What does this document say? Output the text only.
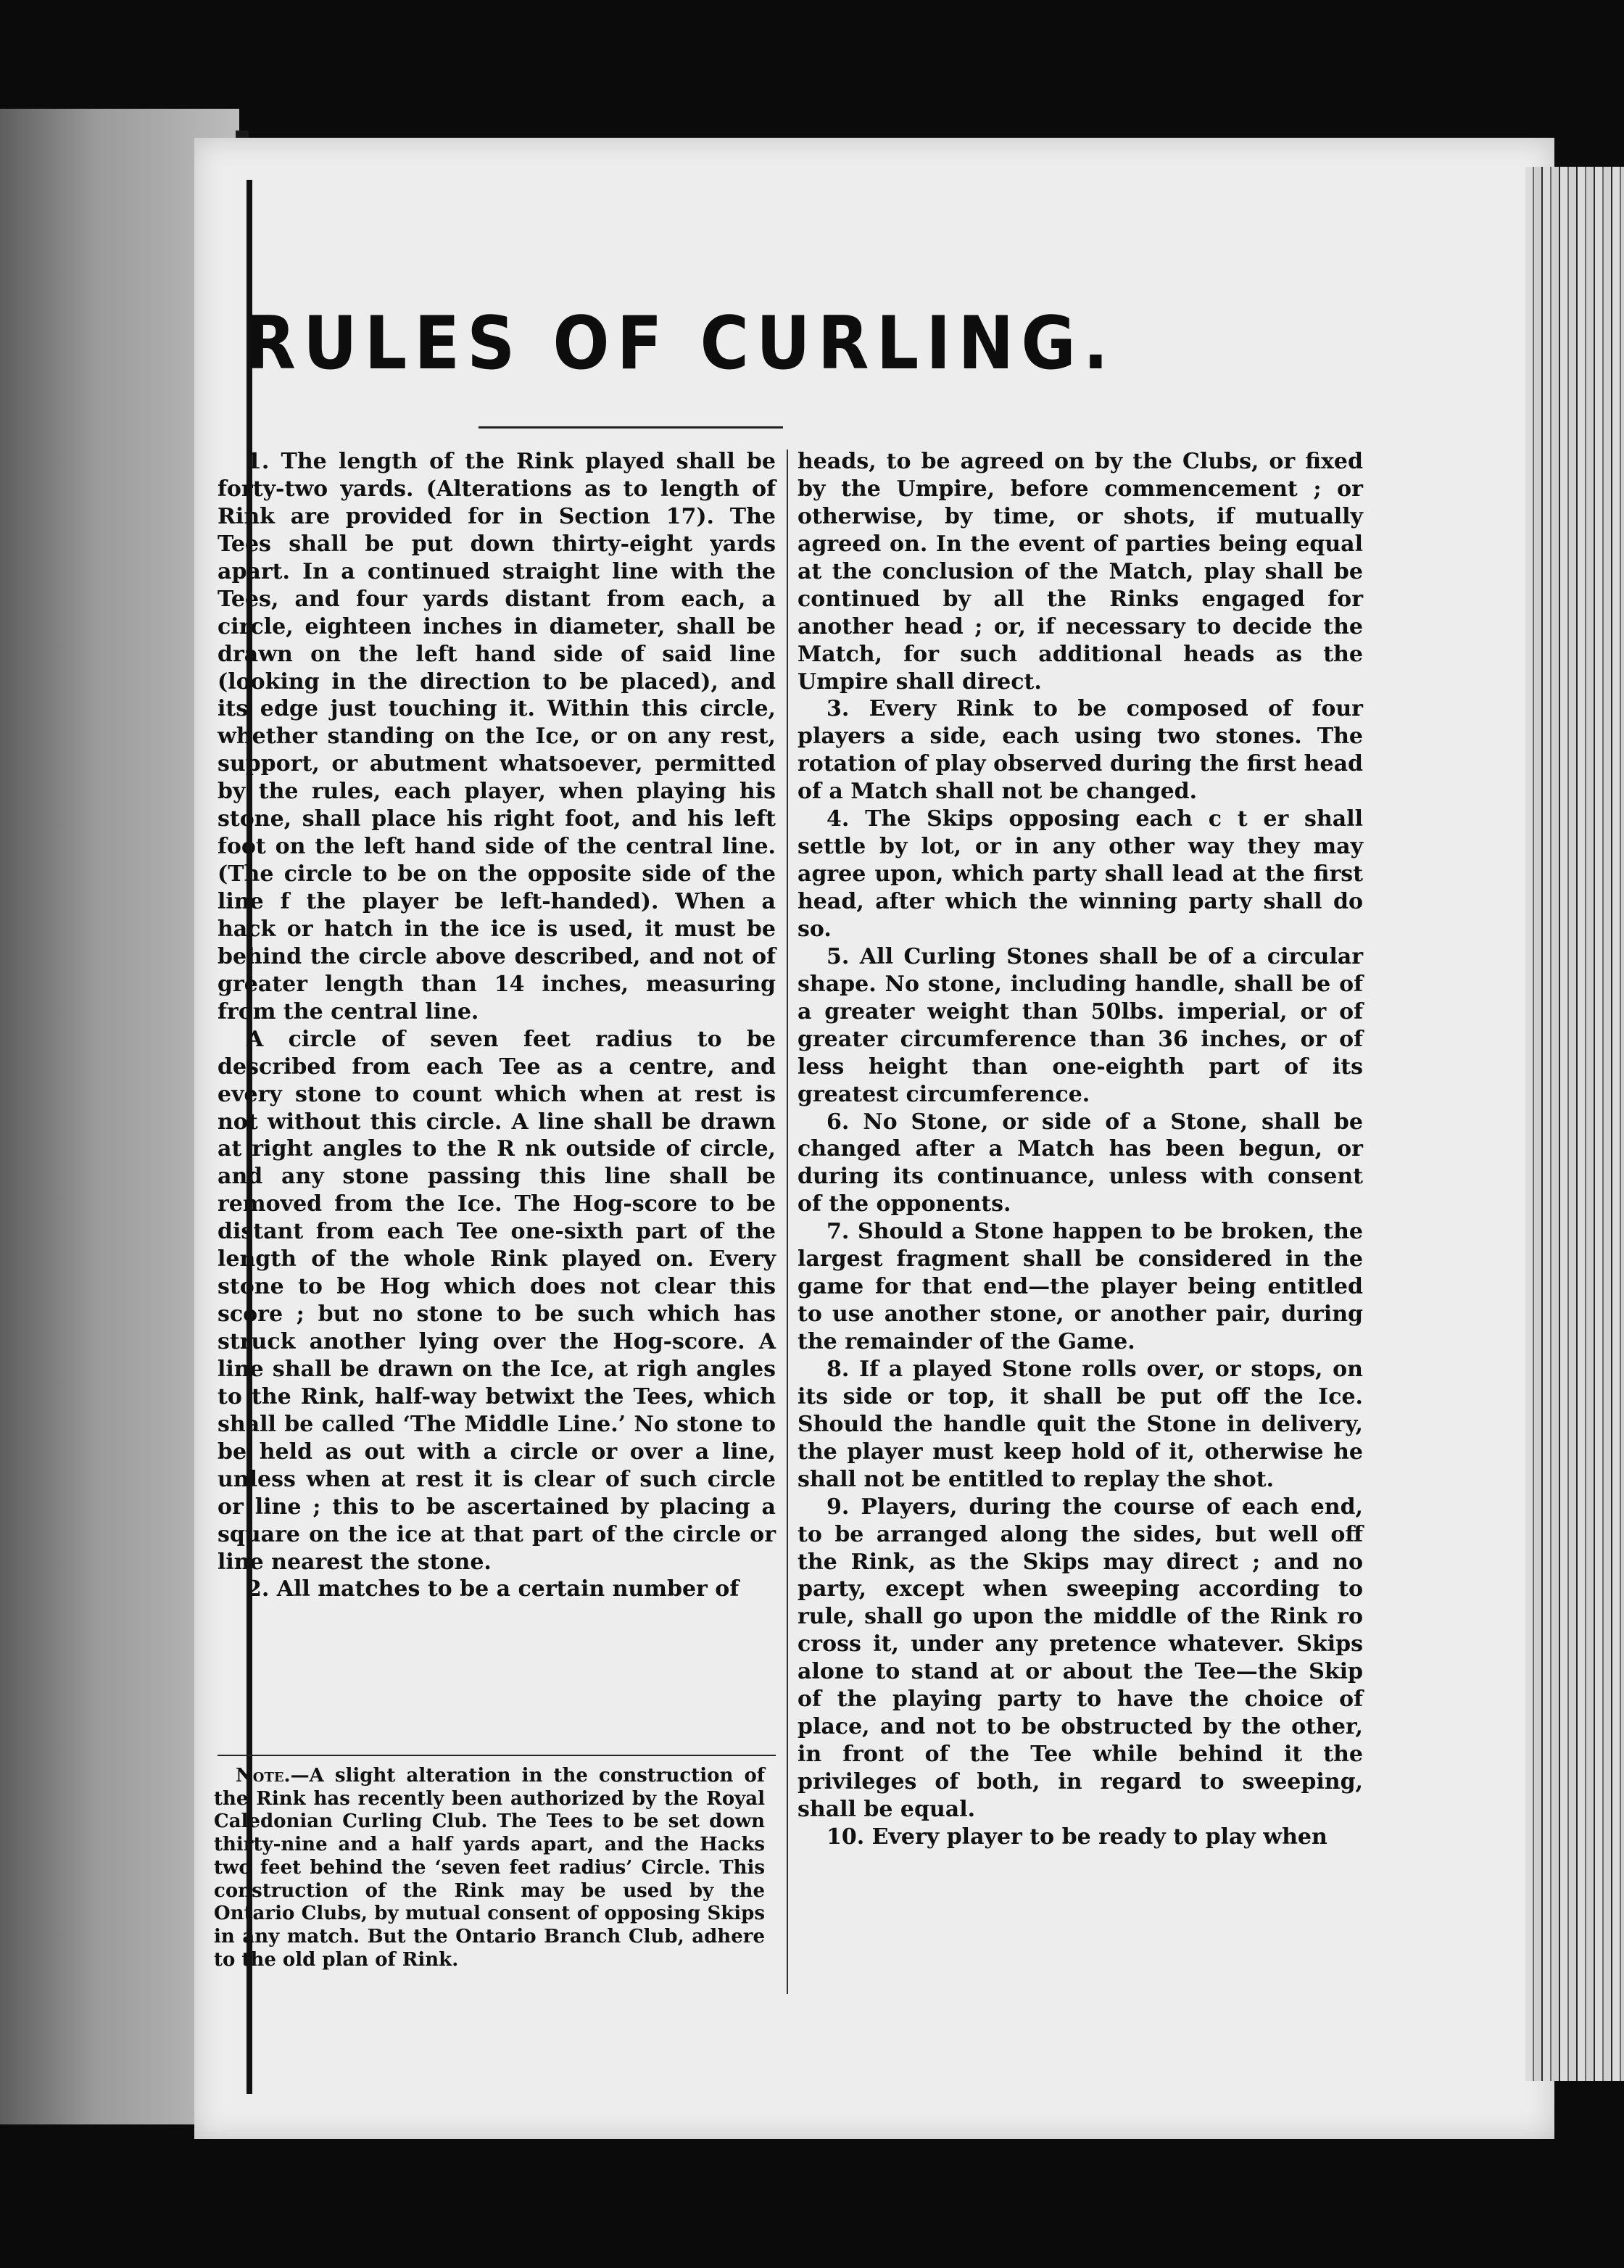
RULES OF CURLING.

1. The length of the Rink played shall be forty-two yards. (Alterations as to length of Rink are provided for in Section 17). The Tees shall be put down thirty-eight yards apart. In a continued straight line with the Tees, and four yards distant from each, a circle, eighteen inches in diameter, shall be drawn on the left hand side of said line (looking in the direction to be placed), and its edge just touching it. Within this circle, whether standing on the Ice, or on any rest, support, or abutment whatsoever, permitted by the rules, each player, when playing his stone, shall place his right foot, and his left foot on the left hand side of the central line. (The circle to be on the opposite side of the line f the player be left-handed). When a hack or hatch in the ice is used, it must be behind the circle above described, and not of greater length than 14 inches, measuring from the central line.

A circle of seven feet radius to be described from each Tee as a centre, and every stone to count which when at rest is not without this circle. A line shall be drawn at right angles to the R nk outside of circle, and any stone passing this line shall be removed from the Ice. The Hog-score to be distant from each Tee one-sixth part of the length of the whole Rink played on. Every stone to be Hog which does not clear this score ; but no stone to be such which has struck another lying over the Hog-score. A line shall be drawn on the Ice, at righ angles to the Rink, half-way betwixt the Tees, which shall be called ‘The Middle Line.’ No stone to be held as out with a circle or over a line, unless when at rest it is clear of such circle or line ; this to be ascertained by placing a square on the ice at that part of the circle or line nearest the stone.

2. All matches to be a certain number of

Note.—A slight alteration in the construction of the Rink has recently been authorized by the Royal Caledonian Curling Club. The Tees to be set down thirty-nine and a half yards apart, and the Hacks two feet behind the ‘seven feet radius’ Circle. This construction of the Rink may be used by the Ontario Clubs, by mutual consent of opposing Skips in any match. But the Ontario Branch Club, adhere to the old plan of Rink.

heads, to be agreed on by the Clubs, or fixed by the Umpire, before commencement ; or otherwise, by time, or shots, if mutually agreed on. In the event of parties being equal at the conclusion of the Match, play shall be continued by all the Rinks engaged for another head ; or, if necessary to decide the Match, for such additional heads as the Umpire shall direct.

3. Every Rink to be composed of four players a side, each using two stones. The rotation of play observed during the first head of a Match shall not be changed.

4. The Skips opposing each c t er shall settle by lot, or in any other way they may agree upon, which party shall lead at the first head, after which the winning party shall do so.

5. All Curling Stones shall be of a circular shape. No stone, including handle, shall be of a greater weight than 50lbs. imperial, or of greater circumference than 36 inches, or of less height than one-eighth part of its greatest circumference.

6. No Stone, or side of a Stone, shall be changed after a Match has been begun, or during its continuance, unless with consent of the opponents.

7. Should a Stone happen to be broken, the largest fragment shall be considered in the game for that end—the player being entitled to use another stone, or another pair, during the remainder of the Game.

8. If a played Stone rolls over, or stops, on its side or top, it shall be put off the Ice. Should the handle quit the Stone in delivery, the player must keep hold of it, otherwise he shall not be entitled to replay the shot.

9. Players, during the course of each end, to be arranged along the sides, but well off the Rink, as the Skips may direct ; and no party, except when sweeping according to rule, shall go upon the middle of the Rink ro cross it, under any pretence whatever. Skips alone to stand at or about the Tee—the Skip of the playing party to have the choice of place, and not to be obstructed by the other, in front of the Tee while behind it the privileges of both, in regard to sweeping, shall be equal.

10. Every player to be ready to play when
